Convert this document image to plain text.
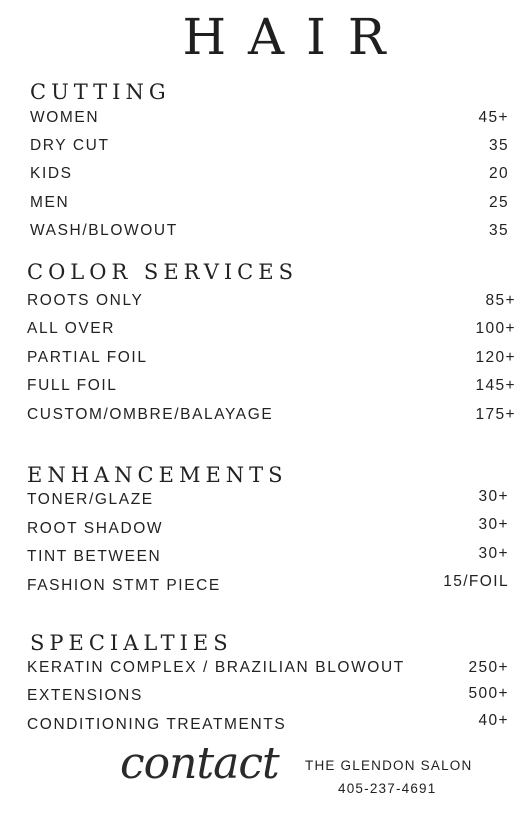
HAIR
CUTTING
WOMEN	45+
DRY CUT	35
KIDS	20
MEN	25
WASH/BLOWOUT	35
COLOR SERVICES
ROOTS ONLY	85+
ALL OVER	100+
PARTIAL FOIL	120+
FULL FOIL	145+
CUSTOM/OMBRE/BALAYAGE	175+
ENHANCEMENTS
TONER/GLAZE	30+
ROOT SHADOW	30+
TINT BETWEEN	30+
FASHION STMT PIECE	15/FOIL
SPECIALTIES
KERATIN COMPLEX / BRAZILIAN BLOWOUT	250+
EXTENSIONS	500+
CONDITIONING TREATMENTS	40+
contact THE GLENDON SALON
405-237-4691
